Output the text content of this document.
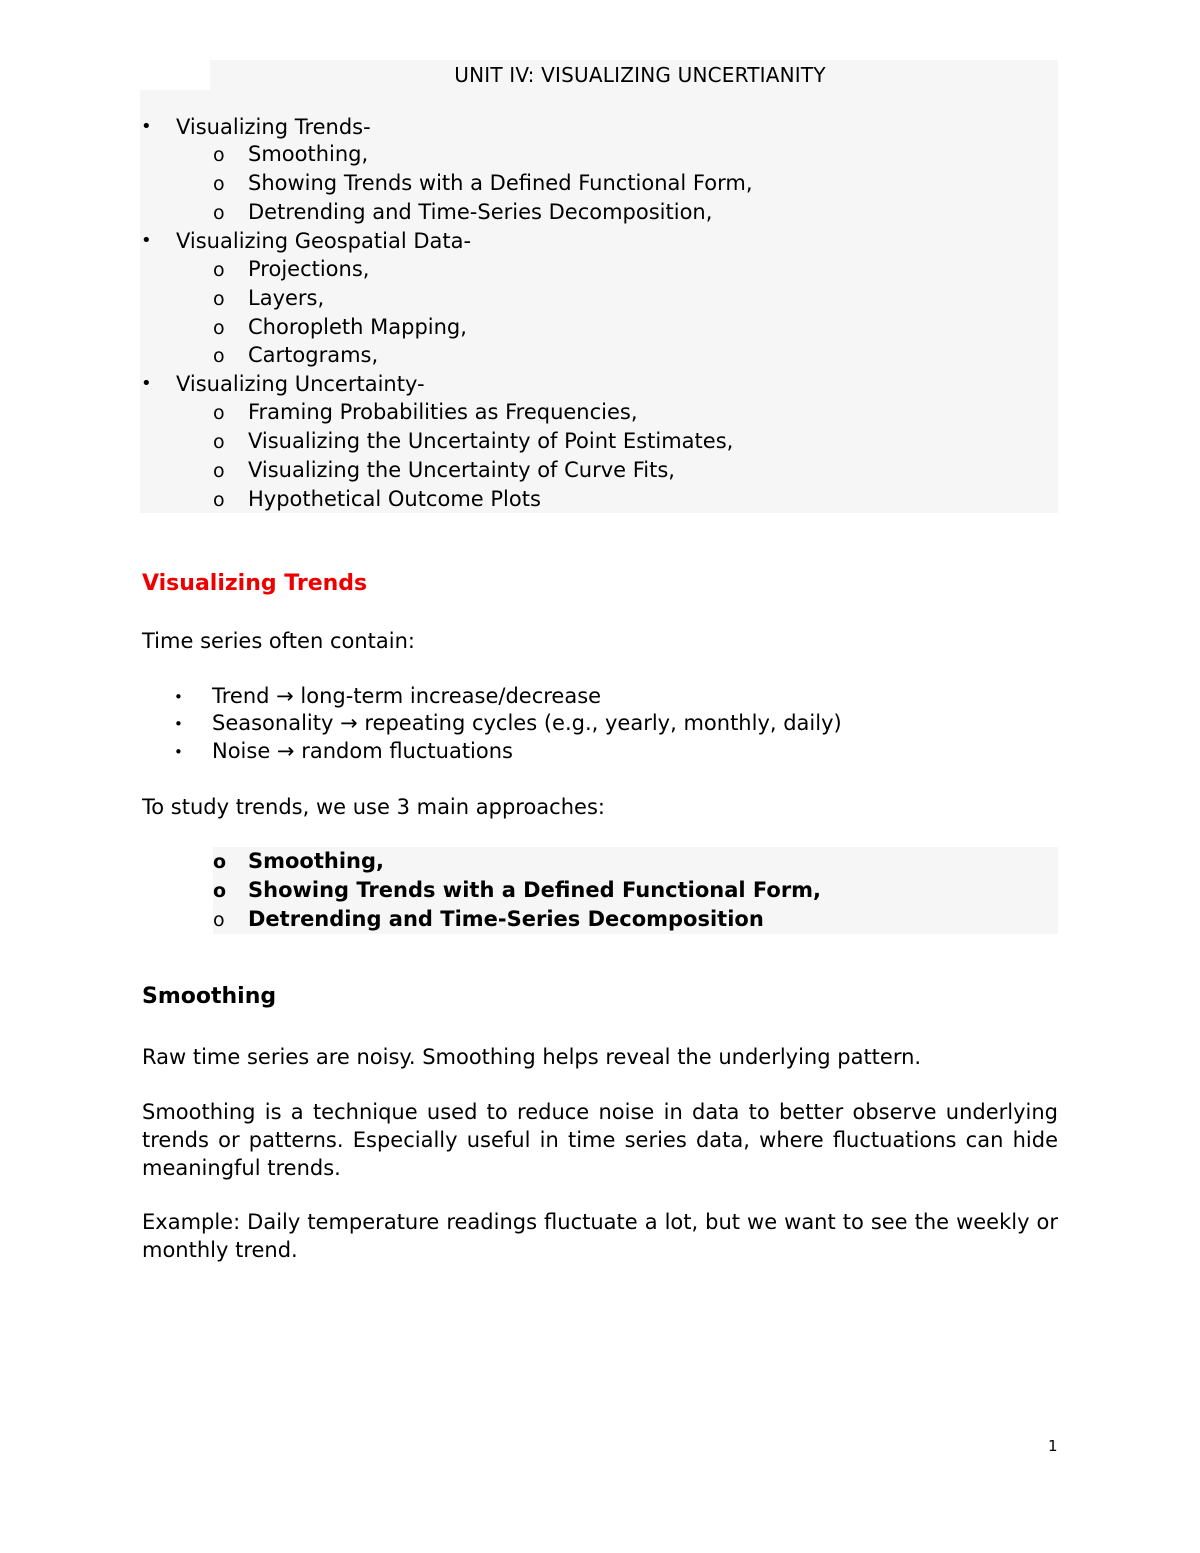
UNIT IV: VISUALIZING UNCERTIANITY
• Visualizing Trends-
o Smoothing,
o Showing Trends with a Defined Functional Form,
o Detrending and Time-Series Decomposition,
• Visualizing Geospatial Data-
o Projections,
o Layers,
o Choropleth Mapping,
o Cartograms,
• Visualizing Uncertainty-
o Framing Probabilities as Frequencies,
o Visualizing the Uncertainty of Point Estimates,
o Visualizing the Uncertainty of Curve Fits,
o Hypothetical Outcome Plots
Visualizing Trends
Time series often contain:
• Trend → long-term increase/decrease
• Seasonality → repeating cycles (e.g., yearly, monthly, daily)
• Noise → random fluctuations
To study trends, we use 3 main approaches:
o Smoothing,
o Showing Trends with a Defined Functional Form,
o Detrending and Time-Series Decomposition
Smoothing
Raw time series are noisy. Smoothing helps reveal the underlying pattern.
Smoothing is a technique used to reduce noise in data to better observe underlying trends or patterns. Especially useful in time series data, where fluctuations can hide meaningful trends.
Example: Daily temperature readings fluctuate a lot, but we want to see the weekly or monthly trend.
1
